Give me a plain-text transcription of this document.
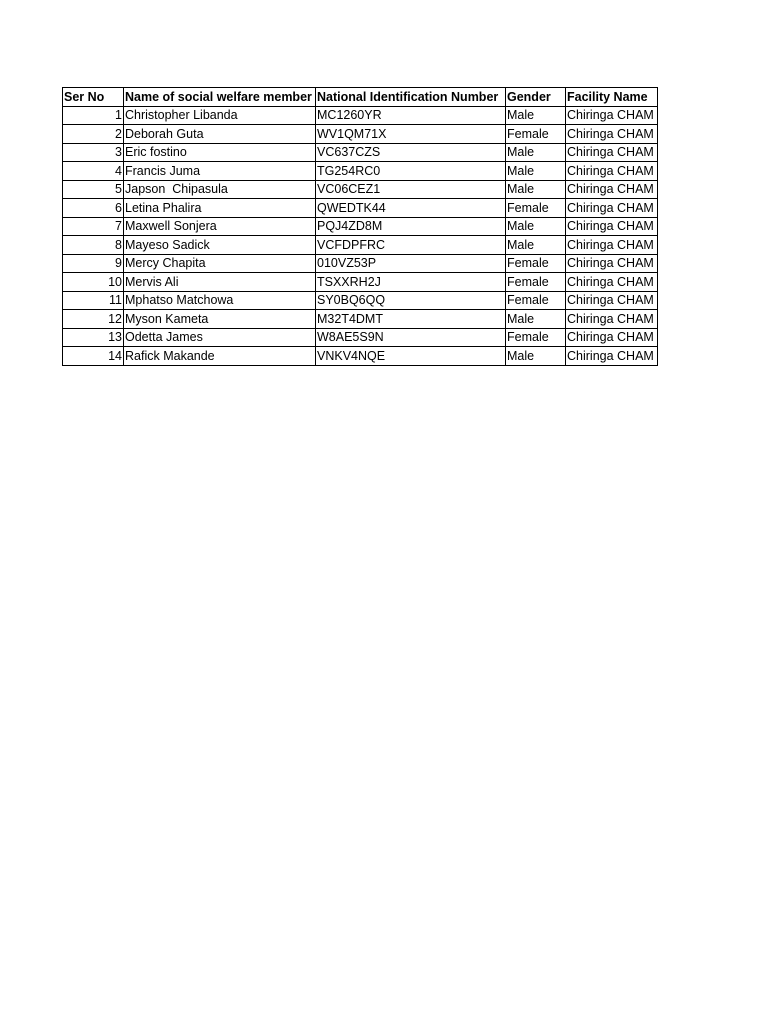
Ser No	Name of social welfare member	National Identification Number	Gender	Facility Name
1	Christopher Libanda	MC1260YR	Male	Chiringa CHAM
2	Deborah Guta	WV1QM71X	Female	Chiringa CHAM
3	Eric fostino	VC637CZS	Male	Chiringa CHAM
4	Francis Juma	TG254RC0	Male	Chiringa CHAM
5	Japson  Chipasula	VC06CEZ1	Male	Chiringa CHAM
6	Letina Phalira	QWEDTK44	Female	Chiringa CHAM
7	Maxwell Sonjera	PQJ4ZD8M	Male	Chiringa CHAM
8	Mayeso Sadick	VCFDPFRC	Male	Chiringa CHAM
9	Mercy Chapita	010VZ53P	Female	Chiringa CHAM
10	Mervis Ali	TSXXRH2J	Female	Chiringa CHAM
11	Mphatso Matchowa	SY0BQ6QQ	Female	Chiringa CHAM
12	Myson Kameta	M32T4DMT	Male	Chiringa CHAM
13	Odetta James	W8AE5S9N	Female	Chiringa CHAM
14	Rafick Makande	VNKV4NQE	Male	Chiringa CHAM
